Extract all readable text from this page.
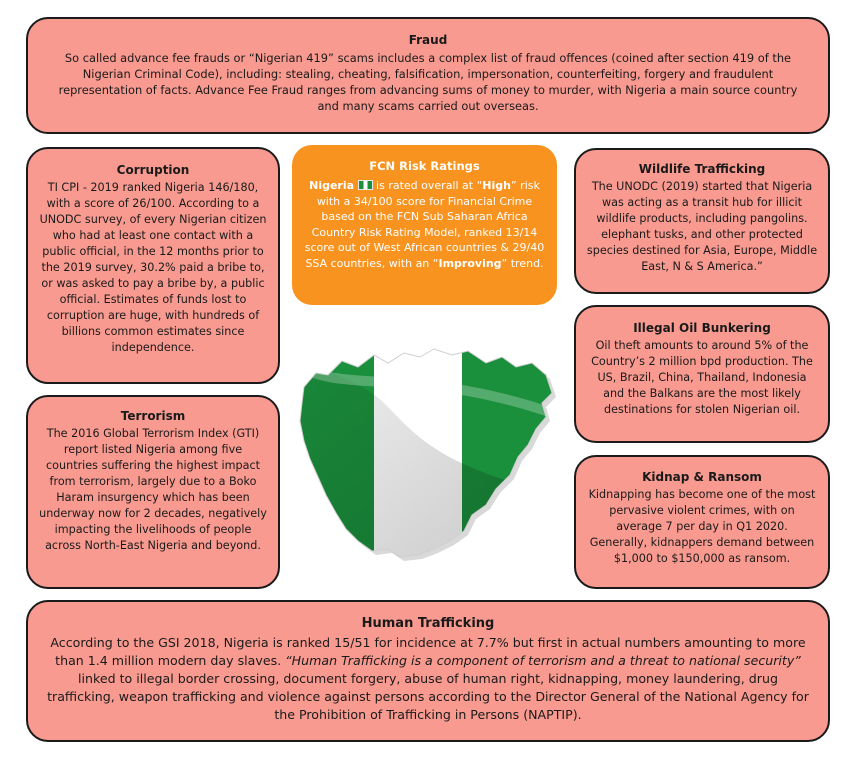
Fraud

So called advance fee frauds or “Nigerian 419” scams includes a complex list of fraud offences (coined after section 419 of the Nigerian Criminal Code), including: stealing, cheating, falsification, impersonation, counterfeiting, forgery and fraudulent representation of facts. Advance Fee Fraud ranges from advancing sums of money to murder, with Nigeria a main source country and many scams carried out overseas.

Corruption

TI CPI - 2019 ranked Nigeria 146/180, with a score of 26/100. According to a UNODC survey, of every Nigerian citizen who had at least one contact with a public official, in the 12 months prior to the 2019 survey, 30.2% paid a bribe to, or was asked to pay a bribe by, a public official. Estimates of funds lost to corruption are huge, with hundreds of billions common estimates since independence.

FCN Risk Ratings

Nigeria  is rated overall at “High” risk with a 34/100 score for Financial Crime based on the FCN Sub Saharan Africa Country Risk Rating Model, ranked 13/14 score out of West African countries & 29/40 SSA countries, with an “Improving” trend.

Wildlife Trafficking

The UNODC (2019) started that Nigeria was acting as a transit hub for illicit wildlife products, including pangolins. elephant tusks, and other protected species destined for Asia, Europe, Middle East, N & S America.”

Illegal Oil Bunkering

Oil theft amounts to around 5% of the Country’s 2 million bpd production. The US, Brazil, China, Thailand, Indonesia and the Balkans are the most likely destinations for stolen Nigerian oil.

Terrorism

The 2016 Global Terrorism Index (GTI) report listed Nigeria among five countries suffering the highest impact from terrorism, largely due to a Boko Haram insurgency which has been underway now for 2 decades, negatively impacting the livelihoods of people across North-East Nigeria and beyond.

Kidnap & Ransom

Kidnapping has become one of the most pervasive violent crimes, with on average 7 per day in Q1 2020. Generally, kidnappers demand between $1,000 to $150,000 as ransom.

Human Trafficking

According to the GSI 2018, Nigeria is ranked 15/51 for incidence at 7.7% but first in actual numbers amounting to more than 1.4 million modern day slaves. “Human Trafficking is a component of terrorism and a threat to national security” linked to illegal border crossing, document forgery, abuse of human right, kidnapping, money laundering, drug trafficking, weapon trafficking and violence against persons according to the Director General of the National Agency for the Prohibition of Trafficking in Persons (NAPTIP).
